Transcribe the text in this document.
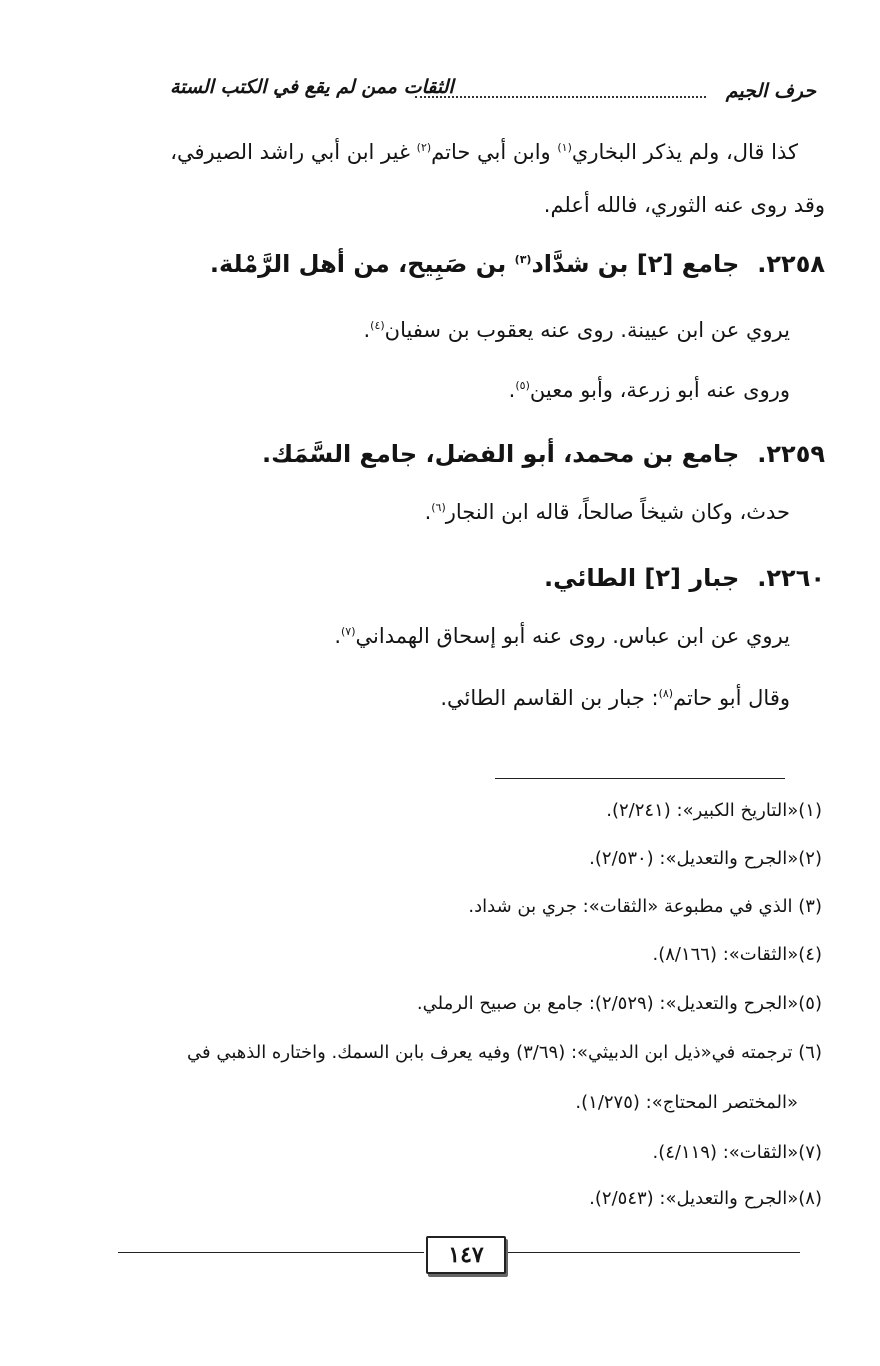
حرف الجيم
الثقات ممن لم يقع في الكتب الستة
كذا قال، ولم يذكر البخاري$^{(١)}$ وابن أبي حاتم$^{(٢)}$ غير ابن أبي راشد الصيرفي،
وقد روى عنه الثوري، فالله أعلم.
٢٢٥٨.جامع [٢] بن شدَّاد$^{(٣)}$ بن صَبِيح، من أهل الرَّمْلة.
يروي عن ابن عيينة. روى عنه يعقوب بن سفيان$^{(٤)}$.
وروى عنه أبو زرعة، وأبو معين$^{(٥)}$.
٢٢٥٩.جامع بن محمد، أبو الفضل، جامع السَّمَك.
حدث، وكان شيخاً صالحاً، قاله ابن النجار$^{(٦)}$.
٢٢٦٠.جبار [٢] الطائي.
يروي عن ابن عباس. روى عنه أبو إسحاق الهمداني$^{(٧)}$.
وقال أبو حاتم$^{(٨)}$: جبار بن القاسم الطائي.
(١)«التاريخ الكبير»: (٢/٢٤١).
(٢)«الجرح والتعديل»: (٢/٥٣٠).
(٣) الذي في مطبوعة «الثقات»: جري بن شداد.
(٤)«الثقات»: (٨/١٦٦).
(٥)«الجرح والتعديل»: (٢/٥٢٩): جامع بن صبيح الرملي.
(٦) ترجمته في«ذيل ابن الدبيثي»: (٣/٦٩) وفيه يعرف بابن السمك. واختاره الذهبي في
«المختصر المحتاج»: (١/٢٧٥).
(٧)«الثقات»: (٤/١١٩).
(٨)«الجرح والتعديل»: (٢/٥٤٣).
١٤٧
